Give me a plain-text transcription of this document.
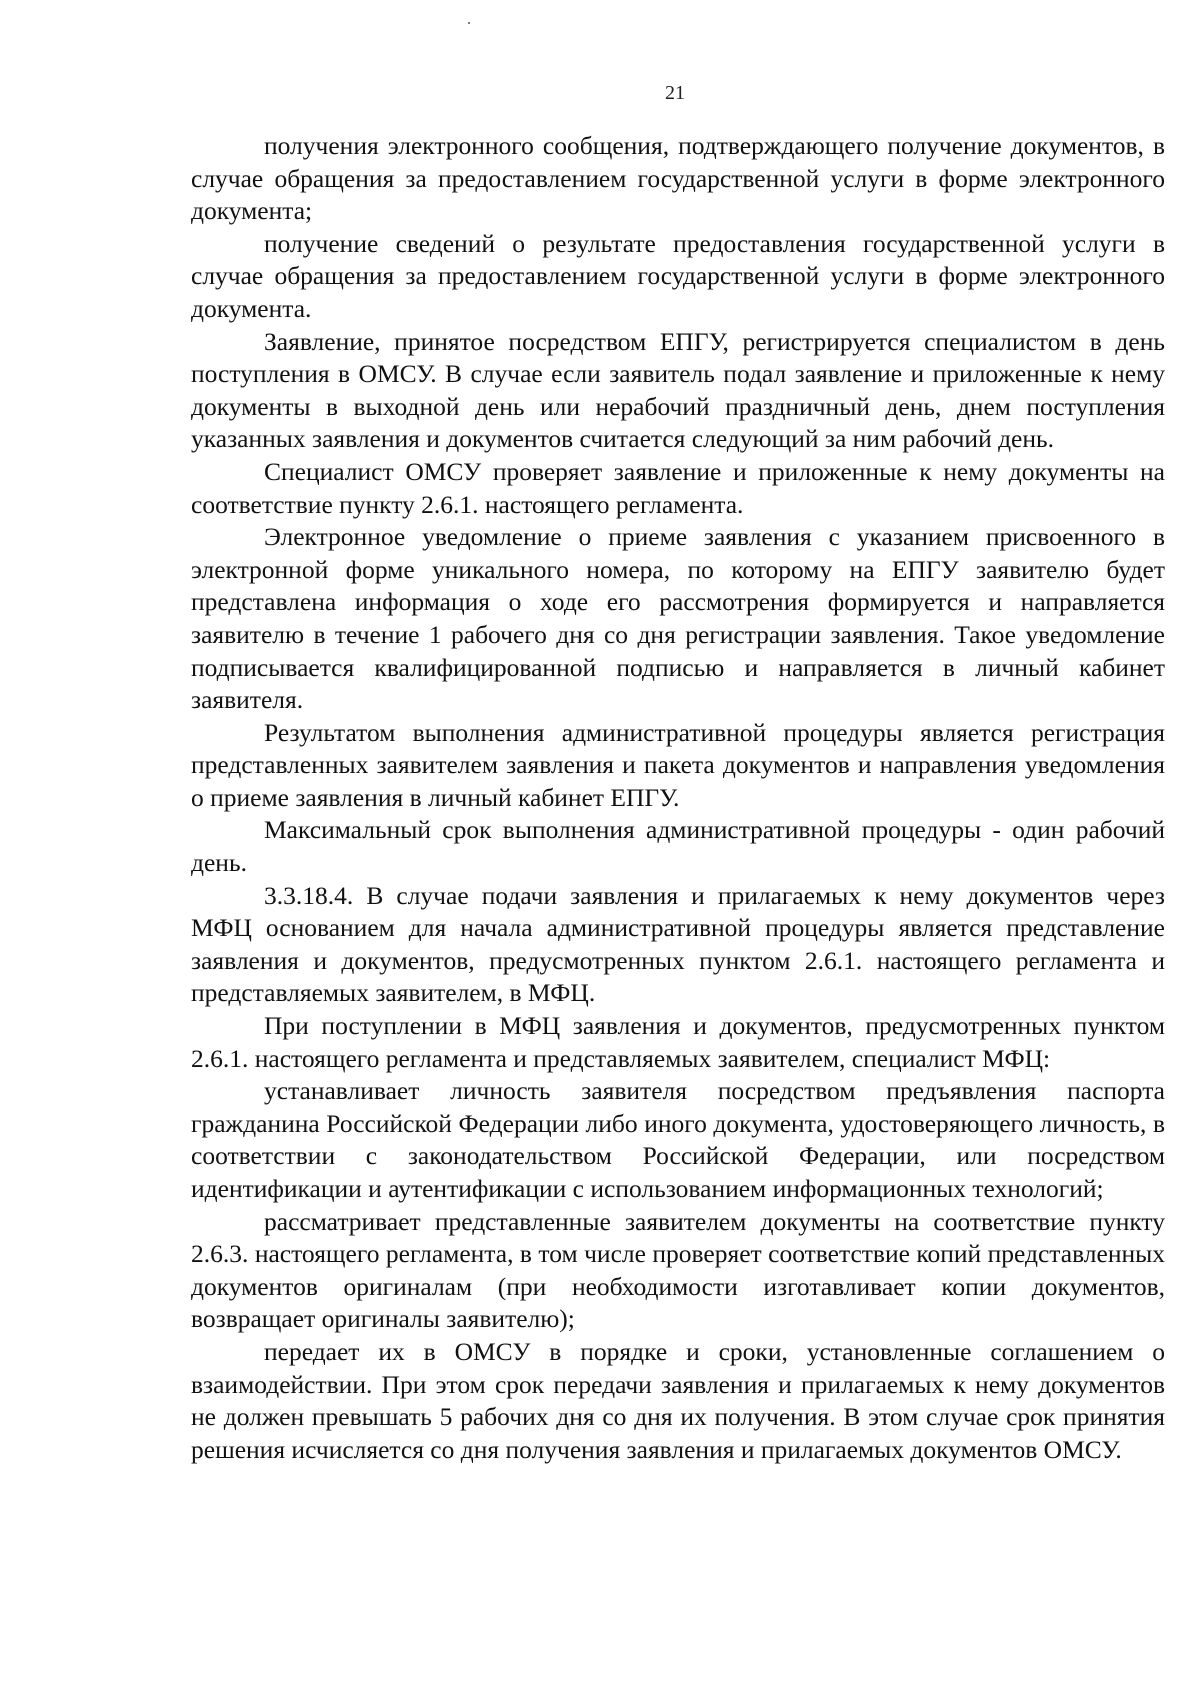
21

получения электронного сообщения, подтверждающего получение документов, в случае обращения за предоставлением государственной услуги в форме электронного документа;

получение сведений о результате предоставления государственной услуги в случае обращения за предоставлением государственной услуги в форме электронного документа.

Заявление, принятое посредством ЕПГУ, регистрируется специалистом в день поступления в ОМСУ. В случае если заявитель подал заявление и приложенные к нему документы в выходной день или нерабочий праздничный день, днем поступления указанных заявления и документов считается следующий за ним рабочий день.

Специалист ОМСУ проверяет заявление и приложенные к нему документы на соответствие пункту 2.6.1. настоящего регламента.

Электронное уведомление о приеме заявления с указанием присвоенного в электронной форме уникального номера, по которому на ЕПГУ заявителю будет представлена информация о ходе его рассмотрения формируется и направляется заявителю в течение 1 рабочего дня со дня регистрации заявления. Такое уведомление подписывается квалифицированной подписью и направляется в личный кабинет заявителя.

Результатом выполнения административной процедуры является регистрация представленных заявителем заявления и пакета документов и направления уведомления о приеме заявления в личный кабинет ЕПГУ.

Максимальный срок выполнения административной процедуры - один рабочий день.

3.3.18.4. В случае подачи заявления и прилагаемых к нему документов через МФЦ основанием для начала административной процедуры является представление заявления и документов, предусмотренных пунктом 2.6.1. настоящего регламента и представляемых заявителем, в МФЦ.

При поступлении в МФЦ заявления и документов, предусмотренных пунктом 2.6.1. настоящего регламента и представляемых заявителем, специалист МФЦ:

устанавливает личность заявителя посредством предъявления паспорта гражданина Российской Федерации либо иного документа, удостоверяющего личность, в соответствии с законодательством Российской Федерации, или посредством идентификации и аутентификации с использованием информационных технологий;

рассматривает представленные заявителем документы на соответствие пункту 2.6.3. настоящего регламента, в том числе проверяет соответствие копий представленных документов оригиналам (при необходимости изготавливает копии документов, возвращает оригиналы заявителю);

передает их в ОМСУ в порядке и сроки, установленные соглашением о взаимодействии. При этом срок передачи заявления и прилагаемых к нему документов не должен превышать 5 рабочих дня со дня их получения. В этом случае срок принятия решения исчисляется со дня получения заявления и прилагаемых документов ОМСУ.
